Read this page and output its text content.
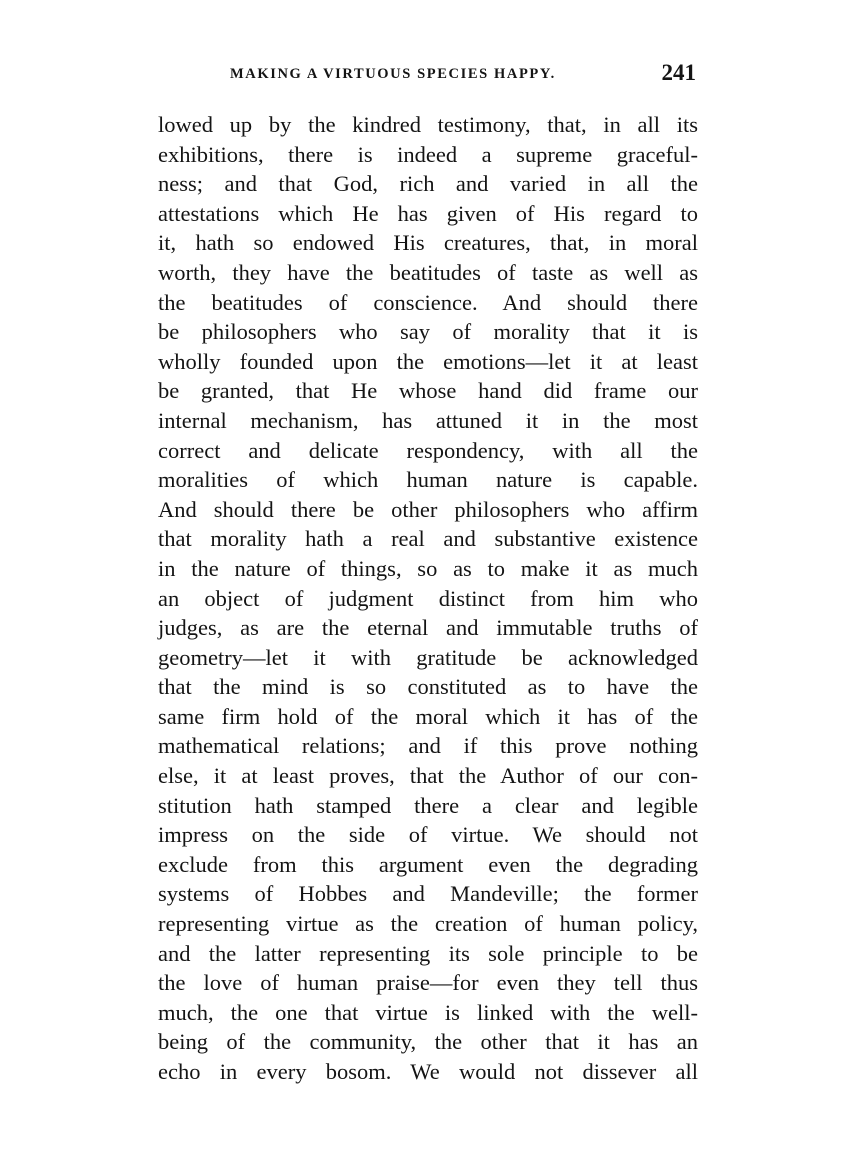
MAKING A VIRTUOUS SPECIES HAPPY.	241
lowed up by the kindred testimony, that, in all its
exhibitions, there is indeed a supreme graceful-
ness; and that God, rich and varied in all the
attestations which He has given of His regard to
it, hath so endowed His creatures, that, in moral
worth, they have the beatitudes of taste as well as
the beatitudes of conscience. And should there
be philosophers who say of morality that it is
wholly founded upon the emotions—let it at least
be granted, that He whose hand did frame our
internal mechanism, has attuned it in the most
correct and delicate respondency, with all the
moralities of which human nature is capable.
And should there be other philosophers who affirm
that morality hath a real and substantive existence
in the nature of things, so as to make it as much
an object of judgment distinct from him who
judges, as are the eternal and immutable truths of
geometry—let it with gratitude be acknowledged
that the mind is so constituted as to have the
same firm hold of the moral which it has of the
mathematical relations; and if this prove nothing
else, it at least proves, that the Author of our con-
stitution hath stamped there a clear and legible
impress on the side of virtue. We should not
exclude from this argument even the degrading
systems of Hobbes and Mandeville; the former
representing virtue as the creation of human policy,
and the latter representing its sole principle to be
the love of human praise—for even they tell thus
much, the one that virtue is linked with the well-
being of the community, the other that it has an
echo in every bosom. We would not dissever all
